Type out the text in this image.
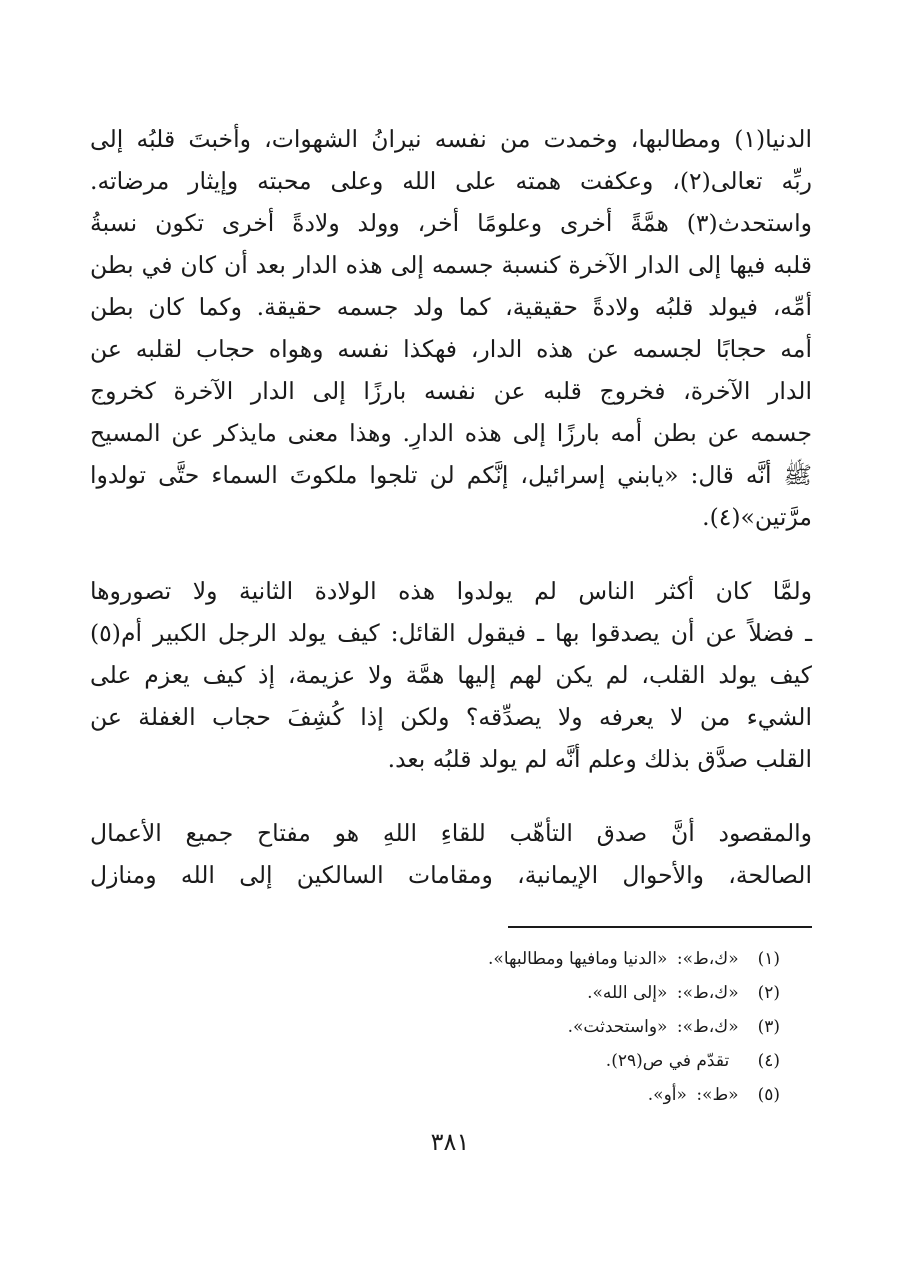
الدنيا(١) ومطالبها، وخمدت من نفسه نيرانُ الشهوات، وأخبتَ قلبُه إلى
ربِّه تعالى(٢)، وعكفت همته على الله وعلى محبته وإيثار مرضاته.
واستحدث(٣) همَّةً أخرى وعلومًا أخر، وولد ولادةً أخرى تكون نسبةُ
قلبه فيها إلى الدار الآخرة كنسبة جسمه إلى هذه الدار بعد أن كان في بطن
أمِّه، فيولد قلبُه ولادةً حقيقية، كما ولد جسمه حقيقة. وكما كان بطن
أمه حجابًا لجسمه عن هذه الدار، فهكذا نفسه وهواه حجاب لقلبه عن
الدار الآخرة، فخروج قلبه عن نفسه بارزًا إلى الدار الآخرة كخروج
جسمه عن بطن أمه بارزًا إلى هذه الدارِ. وهذا معنى مايذكر عن المسيح
ﷺ أنَّه قال: «يابني إسرائيل، إنَّكم لن تلجوا ملكوتَ السماء حتَّى تولدوا
مرَّتين»(٤).
ولمَّا كان أكثر الناس لم يولدوا هذه الولادة الثانية ولا تصوروها
ـ فضلاً عن أن يصدقوا بها ـ فيقول القائل: كيف يولد الرجل الكبير أم(٥)
كيف يولد القلب، لم يكن لهم إليها همَّة ولا عزيمة، إذ كيف يعزم على
الشيء من لا يعرفه ولا يصدِّقه؟ ولكن إذا كُشِفَ حجاب الغفلة عن
القلب صدَّق بذلك وعلم أنَّه لم يولد قلبُه بعد.
والمقصود أنَّ صدق التأهّب للقاءِ اللهِ هو مفتاح جميع الأعمال
الصالحة، والأحوال الإيمانية، ومقامات السالكين إلى الله ومنازل
(١) «ك،ط»: «الدنيا ومافيها ومطالبها».
(٢) «ك،ط»: «إلى الله».
(٣) «ك،ط»: «واستحدثت».
(٤)  تقدّم في ص(٢٩).
(٥) «ط»: «أو».
٣٨١
